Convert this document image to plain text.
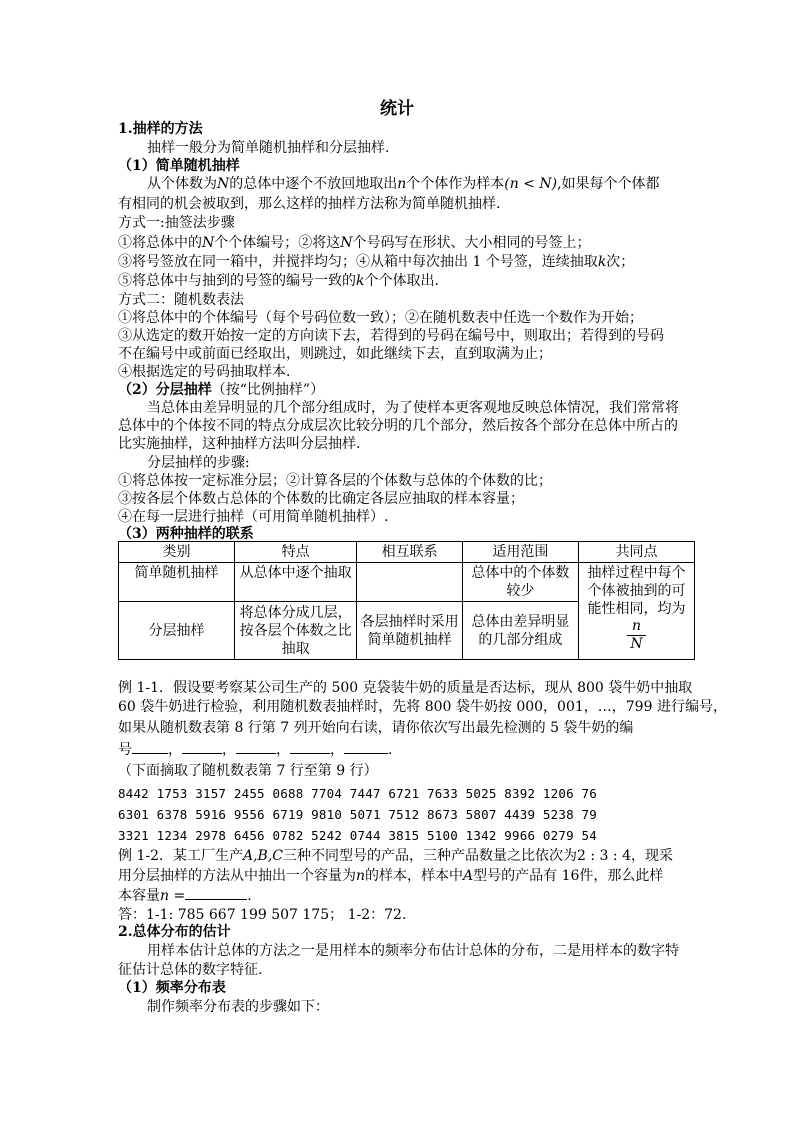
统计
1.抽样的方法
抽样一般分为简单随机抽样和分层抽样.
（1）简单随机抽样
从个体数为N的总体中逐个不放回地取出n个个体作为样本(n < N),如果每个个体都
有相同的机会被取到，那么这样的抽样方法称为简单随机抽样.
方式一:抽签法步骤
①将总体中的N个个体编号；②将这N个号码写在形状、大小相同的号签上；
③将号签放在同一箱中，并搅拌均匀；④从箱中每次抽出 1 个号签，连续抽取k次；
⑤将总体中与抽到的号签的编号一致的k个个体取出.
方式二：随机数表法
①将总体中的个体编号（每个号码位数一致）；②在随机数表中任选一个数作为开始；
③从选定的数开始按一定的方向读下去，若得到的号码在编号中，则取出；若得到的号码
不在编号中或前面已经取出，则跳过，如此继续下去，直到取满为止；
④根据选定的号码抽取样本.
（2）分层抽样（按“比例抽样”）
当总体由差异明显的几个部分组成时，为了使样本更客观地反映总体情况，我们常常将
总体中的个体按不同的特点分成层次比较分明的几个部分，然后按各个部分在总体中所占的
比实施抽样，这种抽样方法叫分层抽样.
分层抽样的步骤:
①将总体按一定标准分层；②计算各层的个体数与总体的个体数的比；
③按各层个体数占总体的个体数的比确定各层应抽取的样本容量；
④在每一层进行抽样（可用简单随机抽样）.
（3）两种抽样的联系
类别	特点	相互联系	适用范围	共同点
简单随机抽样	从总体中逐个抽取		总体中的个体数较少	抽样过程中每个个体被抽到的可能性相同，均为
$\frac{n}{N}$

分层抽样	将总体分成几层，按各层个体数之比抽取	各层抽样时采用简单随机抽样	总体由差异明显的几部分组成	
例 1-1．假设要考察某公司生产的 500 克袋装牛奶的质量是否达标，现从 800 袋牛奶中抽取
60 袋牛奶进行检验，利用随机数表抽样时，先将 800 袋牛奶按 000，001，…，799 进行编号，
如果从随机数表第 8 行第 7 列开始向右读，请你依次写出最先检测的 5 袋牛奶的编
号	，	，	，	，	.
（下面摘取了随机数表第 7 行至第 9 行）
8442 1753 3157 2455 0688 7704 7447 6721 7633 5025 8392 1206 76
6301 6378 5916 9556 6719 9810 5071 7512 8673 5807 4439 5238 79
3321 1234 2978 6456 0782 5242 0744 3815 5100 1342 9966 0279 54
例 1-2．某工厂生产A,B,C三种不同型号的产品，三种产品数量之比依次为2 : 3 : 4，现采
用分层抽样的方法从中抽出一个容量为n的样本，样本中A型号的产品有 16件，那么此样
本容量n =	.
答：1-1: 785 667 199 507 175； 1-2：72.
2.总体分布的估计
用样本估计总体的方法之一是用样本的频率分布估计总体的分布，二是用样本的数字特
征估计总体的数字特征.
（1）频率分布表
制作频率分布表的步骤如下：
